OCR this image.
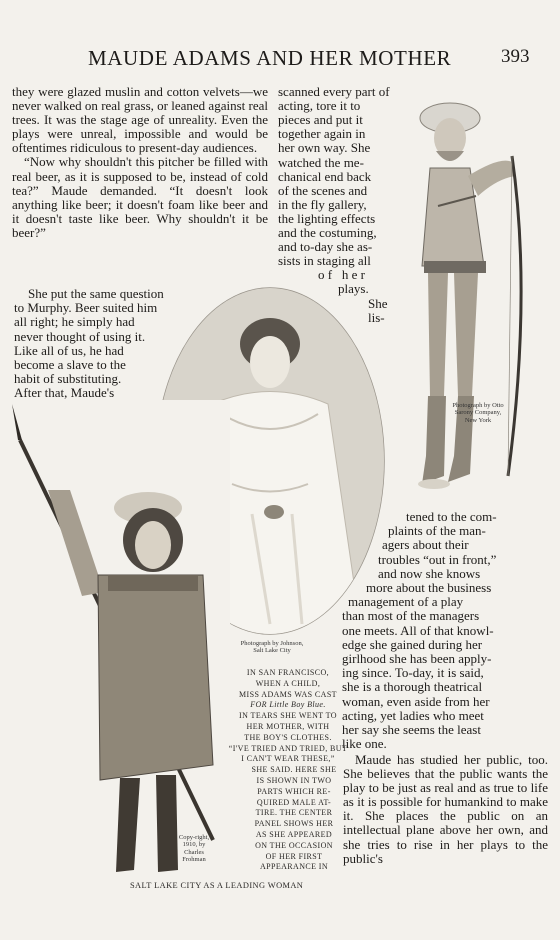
MAUDE ADAMS AND HER MOTHER	393

they were glazed muslin and cotton velvets—we never walked on real grass, or leaned against real trees. It was the stage age of unreality. Even the plays were unreal, impossible and would be oftentimes ridiculous to present-day audiences.

“Now why shouldn't this pitcher be filled with real beer, as it is supposed to be, instead of cold tea?” Maude demanded. “It doesn't look anything like beer; it doesn't foam like beer and it doesn't taste like beer. Why shouldn't it be beer?”

She put the same question
to Murphy. Beer suited him
all right; he simply had
never thought of using it.
Like all of us, he had
become a slave to the
habit of substituting.
After that, Maude's
scanned every part of
acting, tore it to
pieces and put it
together again in
her own way. She
watched the me-
chanical end back
of the scenes and
in the fly gallery,
the lighting effects
and the costuming,
and to-day she as-
sists in staging all
o f   h e r
plays.
She
lis-
tened to the com-
plaints of the man-
agers about their
troubles “out in front,”
and now she knows
more about the business
management of a play
than most of the managers
one meets. All of that knowl-
edge she gained during her
girlhood she has been apply-
ing since. To-day, it is said,
she is a thorough theatrical
woman, even aside from her
acting, yet ladies who meet
her say she seems the least
like one.

Maude has studied her public, too. She believes that the public wants the play to be just as real and as true to life as it is possible for humankind to make it. She places the public on an intellectual plane above her own, and she tries to rise in her plays to the public's

Photograph by Otto Sarony Company, New York
Photograph by Johnson, Salt Lake City
Copy-right, 1910, by Charles Frohman
IN SAN FRANCISCO,
WHEN A CHILD,
MISS ADAMS WAS CAST
FOR Little Boy Blue.
IN TEARS SHE WENT TO
HER MOTHER, WITH
THE BOY'S CLOTHES.
“I'VE TRIED AND TRIED, BUT
I CAN'T WEAR THESE,”
SHE SAID. HERE SHE
IS SHOWN IN TWO
PARTS WHICH RE-
QUIRED MALE AT-
TIRE. THE CENTER
PANEL SHOWS HER
AS SHE APPEARED
ON THE OCCASION
OF HER FIRST
APPEARANCE IN
SALT LAKE CITY AS A LEADING WOMAN
